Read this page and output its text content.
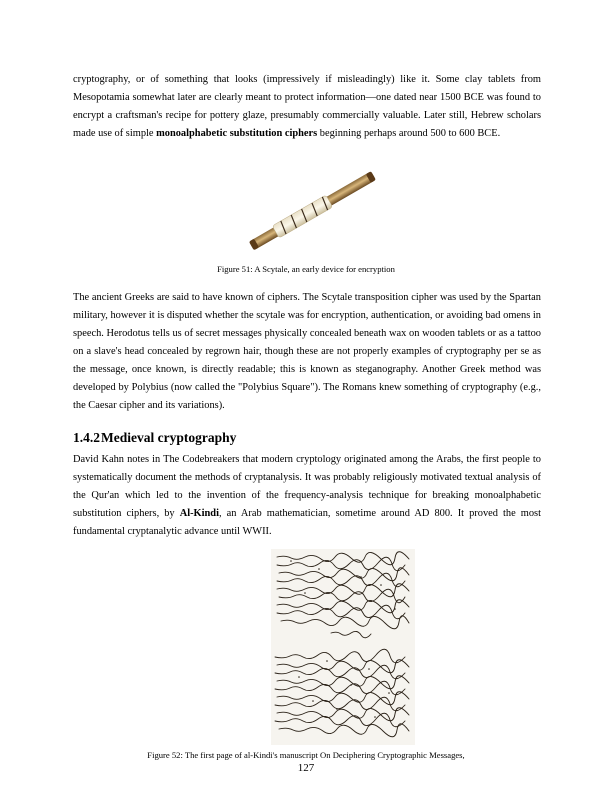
cryptography, or of something that looks (impressively if misleadingly) like it. Some clay tablets from Mesopotamia somewhat later are clearly meant to protect information—one dated near 1500 BCE was found to encrypt a craftsman's recipe for pottery glaze, presumably commercially valuable. Later still, Hebrew scholars made use of simple monoalphabetic substitution ciphers beginning perhaps around 500 to 600 BCE.

Figure 51: A Scytale, an early device for encryption

The ancient Greeks are said to have known of ciphers. The Scytale transposition cipher was used by the Spartan military, however it is disputed whether the scytale was for encryption, authentication, or avoiding bad omens in speech. Herodotus tells us of secret messages physically concealed beneath wax on wooden tablets or as a tattoo on a slave's head concealed by regrown hair, though these are not properly examples of cryptography per se as the message, once known, is directly readable; this is known as steganography. Another Greek method was developed by Polybius (now called the "Polybius Square"). The Romans knew something of cryptography (e.g., the Caesar cipher and its variations).

1.4.2Medieval cryptography

David Kahn notes in The Codebreakers that modern cryptology originated among the Arabs, the first people to systematically document the methods of cryptanalysis. It was probably religiously motivated textual analysis of the Qur'an which led to the invention of the frequency-analysis technique for breaking monoalphabetic substitution ciphers, by Al-Kindi, an Arab mathematician, sometime around AD 800. It proved the most fundamental cryptanalytic advance until WWII.

Figure 52: The first page of al-Kindi's manuscript On Deciphering Cryptographic Messages,

127
